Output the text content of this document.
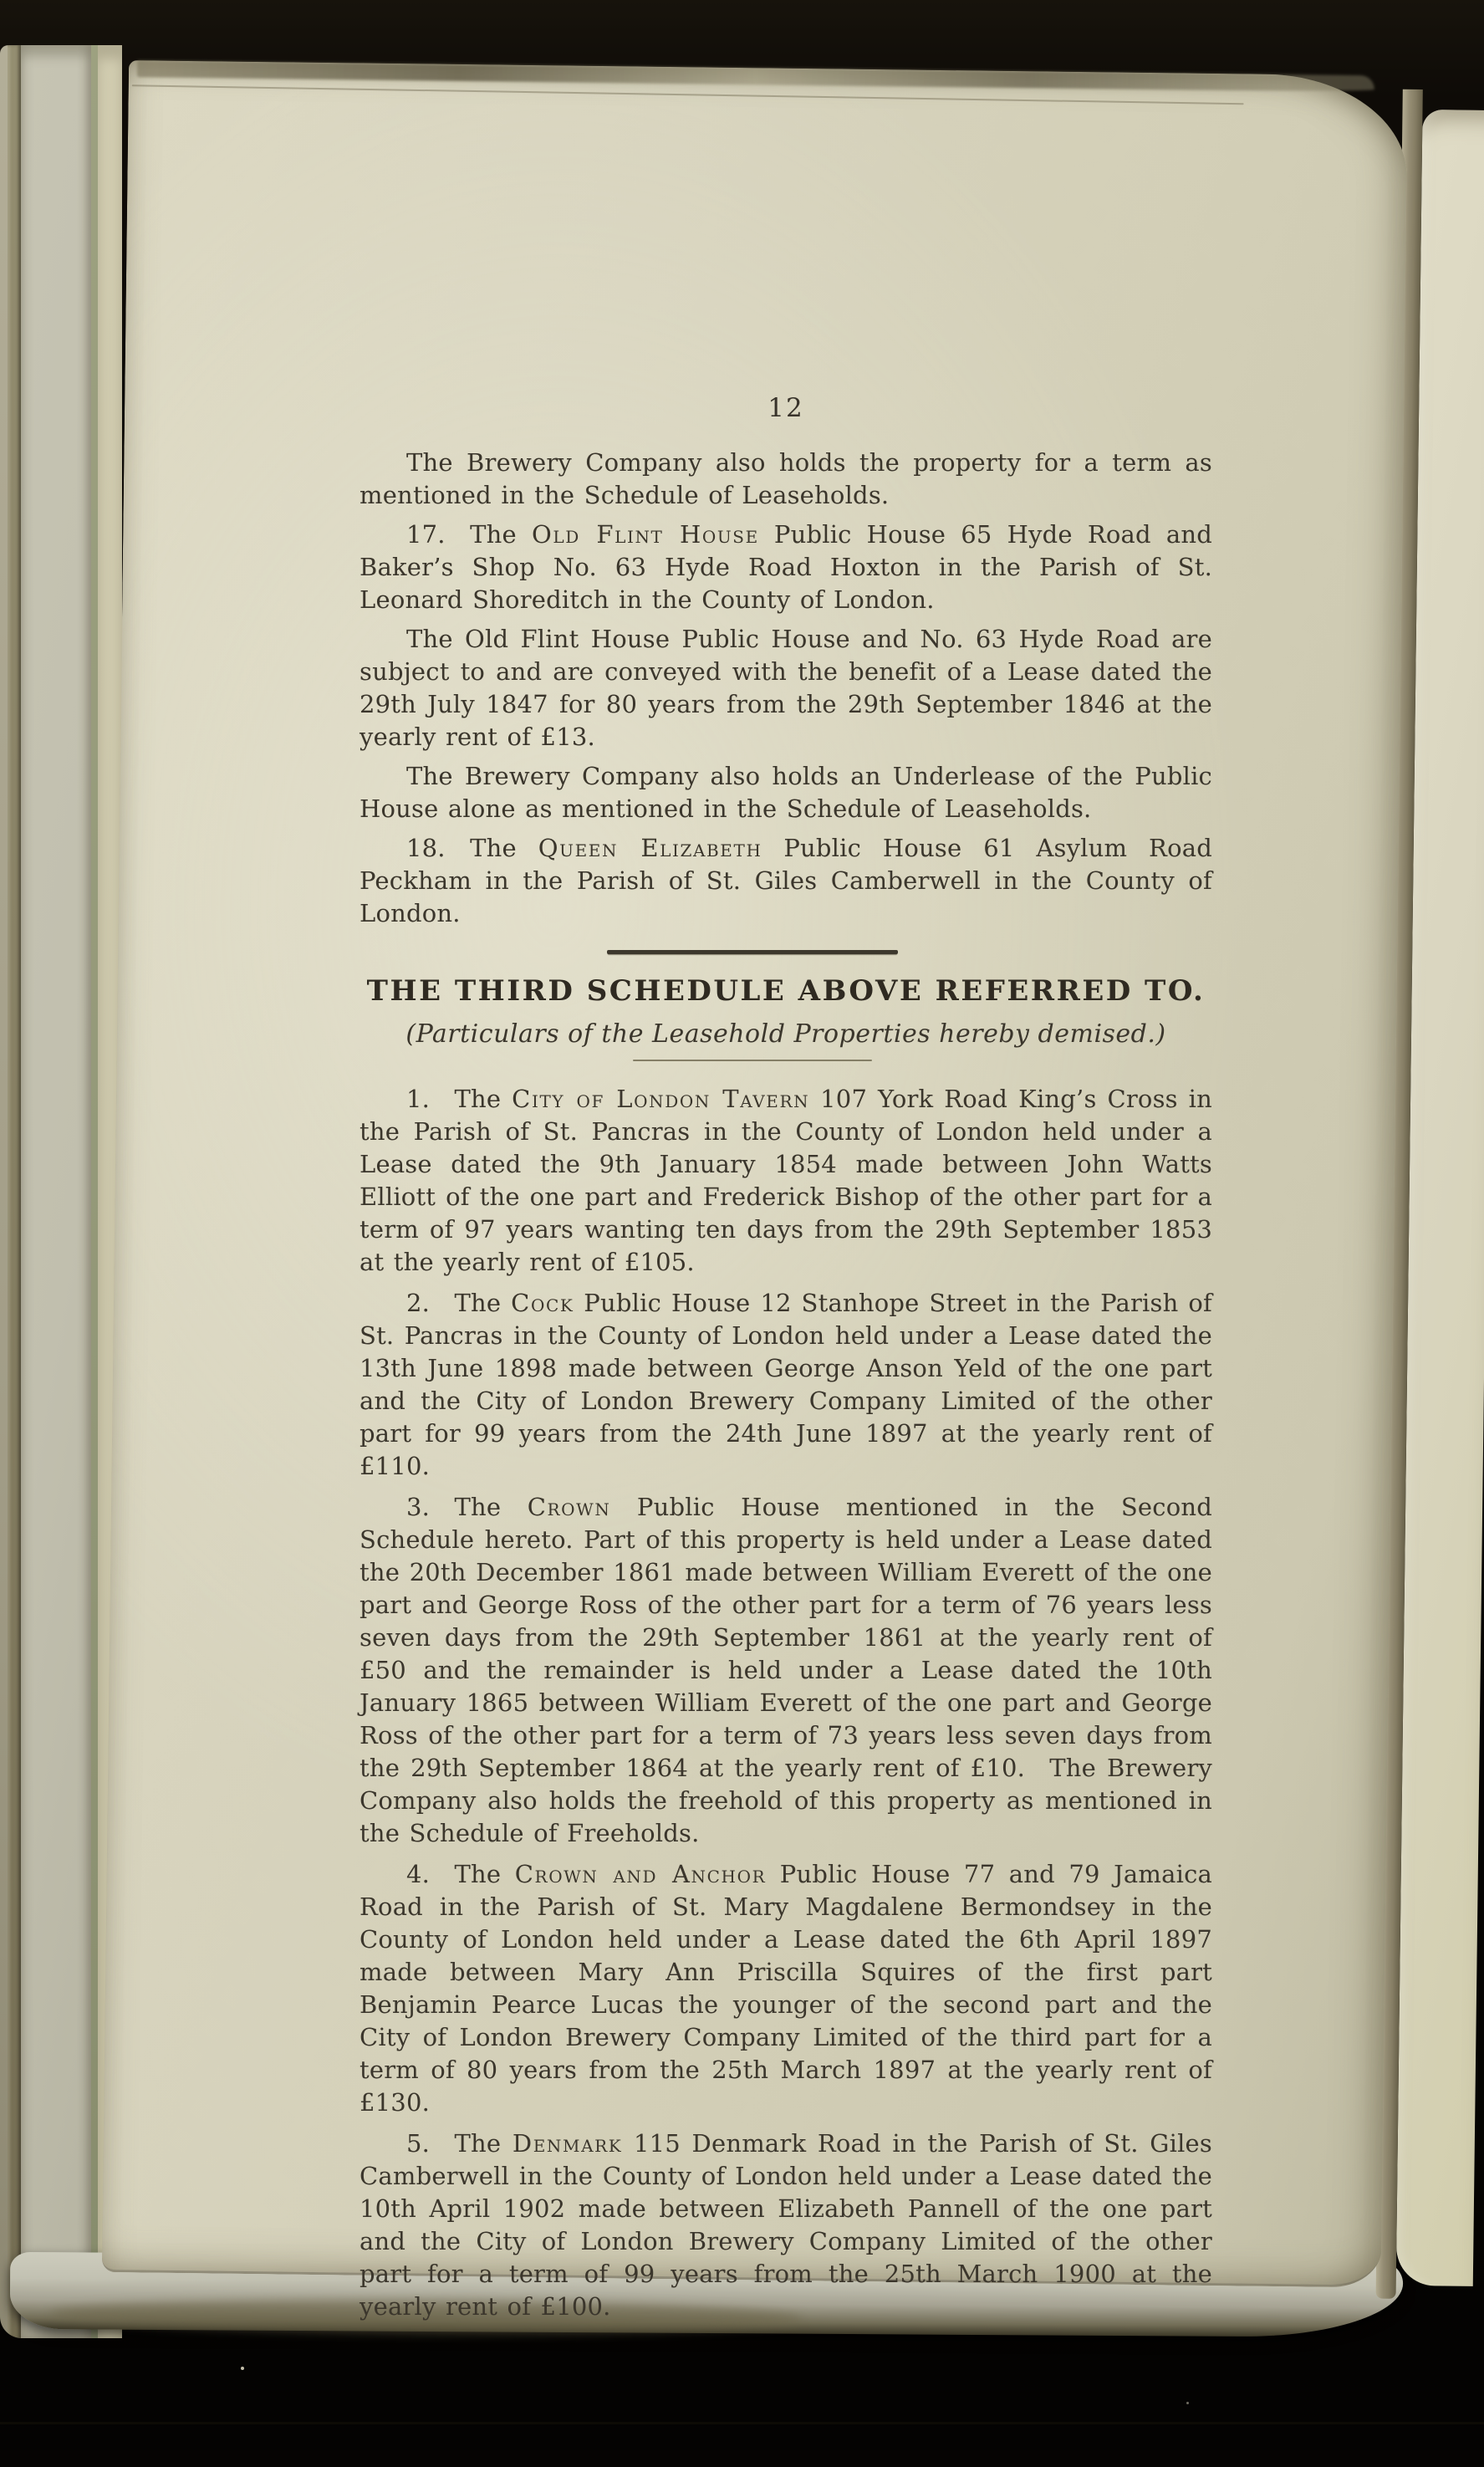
12

The Brewery Company also holds the property for a term as mentioned in the Schedule of Leaseholds.

17.  The Old Flint House Public House 65 Hyde Road and Baker’s Shop No. 63 Hyde Road Hoxton in the Parish of St. Leonard Shoreditch in the County of London.

The Old Flint House Public House and No. 63 Hyde Road are subject to and are conveyed with the benefit of a Lease dated the 29th July 1847 for 80 years from the 29th September 1846 at the yearly rent of £13.

The Brewery Company also holds an Underlease of the Public House alone as mentioned in the Schedule of Leaseholds.

18.  The Queen Elizabeth Public House 61 Asylum Road Peckham in the Parish of St. Giles Camberwell in the County of London.

THE THIRD SCHEDULE ABOVE REFERRED TO.
(Particulars of the Leasehold Properties hereby demised.)

1.  The City of London Tavern 107 York Road King’s Cross in the Parish of St. Pancras in the County of London held under a Lease dated the 9th January 1854 made between John Watts Elliott of the one part and Frederick Bishop of the other part for a term of 97 years wanting ten days from the 29th September 1853 at the yearly rent of £105.

2.  The Cock Public House 12 Stanhope Street in the Parish of St. Pancras in the County of London held under a Lease dated the 13th June 1898 made between George Anson Yeld of the one part and the City of London Brewery Company Limited of the other part for 99 years from the 24th June 1897 at the yearly rent of £110.

3.  The Crown Public House mentioned in the Second Schedule hereto. Part of this property is held under a Lease dated the 20th December 1861 made between William Everett of the one part and George Ross of the other part for a term of 76 years less seven days from the 29th September 1861 at the yearly rent of £50 and the remainder is held under a Lease dated the 10th January 1865 between William Everett of the one part and George Ross of the other part for a term of 73 years less seven days from the 29th September 1864 at the yearly rent of £10. The Brewery Company also holds the freehold of this property as mentioned in the Schedule of Freeholds.

4.  The Crown and Anchor Public House 77 and 79 Jamaica Road in the Parish of St. Mary Magdalene Bermondsey in the County of London held under a Lease dated the 6th April 1897 made between Mary Ann Priscilla Squires of the first part Benjamin Pearce Lucas the younger of the second part and the City of London Brewery Company Limited of the third part for a term of 80 years from the 25th March 1897 at the yearly rent of £130.

5.  The Denmark 115 Denmark Road in the Parish of St. Giles Camberwell in the County of London held under a Lease dated the 10th April 1902 made between Elizabeth Pannell of the one part and the City of London Brewery Company Limited of the other part for a term of 99 years from the 25th March 1900 at the yearly rent of £100.
